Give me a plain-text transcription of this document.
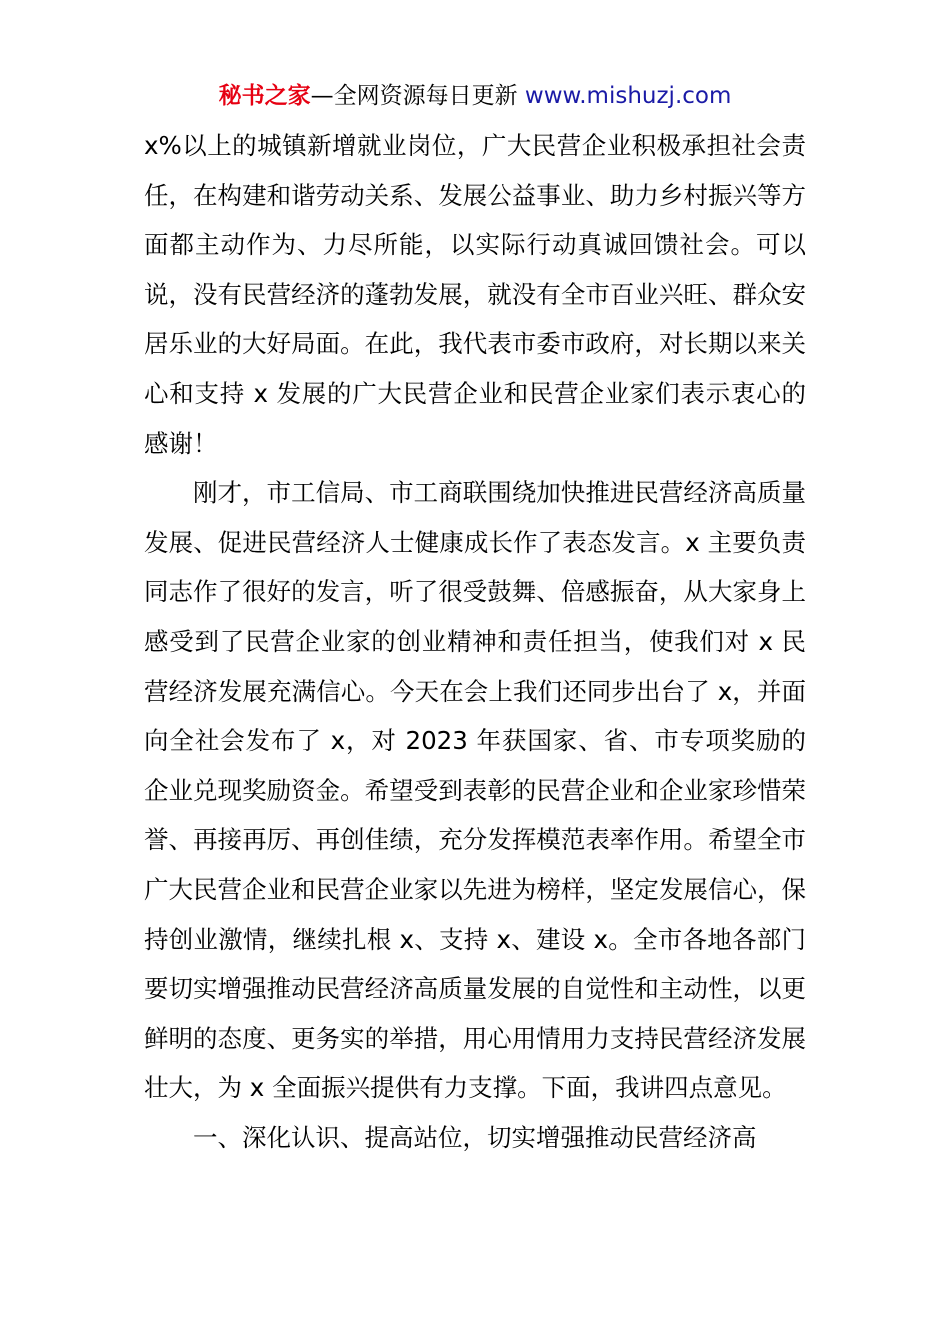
秘书之家—全网资源每日更新 www.mishuzj.com

x%以上的城镇新增就业岗位，广大民营企业积极承担社会责任，在构建和谐劳动关系、发展公益事业、助力乡村振兴等方面都主动作为、力尽所能，以实际行动真诚回馈社会。可以说，没有民营经济的蓬勃发展，就没有全市百业兴旺、群众安居乐业的大好局面。在此，我代表市委市政府，对长期以来关心和支持 x 发展的广大民营企业和民营企业家们表示衷心的感谢！

刚才，市工信局、市工商联围绕加快推进民营经济高质量发展、促进民营经济人士健康成长作了表态发言。x 主要负责同志作了很好的发言，听了很受鼓舞、倍感振奋，从大家身上感受到了民营企业家的创业精神和责任担当，使我们对 x 民营经济发展充满信心。今天在会上我们还同步出台了 x，并面向全社会发布了 x，对 2023 年获国家、省、市专项奖励的企业兑现奖励资金。希望受到表彰的民营企业和企业家珍惜荣誉、再接再厉、再创佳绩，充分发挥模范表率作用。希望全市广大民营企业和民营企业家以先进为榜样，坚定发展信心，保持创业激情，继续扎根 x、支持 x、建设 x。全市各地各部门要切实增强推动民营经济高质量发展的自觉性和主动性，以更鲜明的态度、更务实的举措，用心用情用力支持民营经济发展壮大，为 x 全面振兴提供有力支撑。下面，我讲四点意见。

一、深化认识、提高站位，切实增强推动民营经济高
